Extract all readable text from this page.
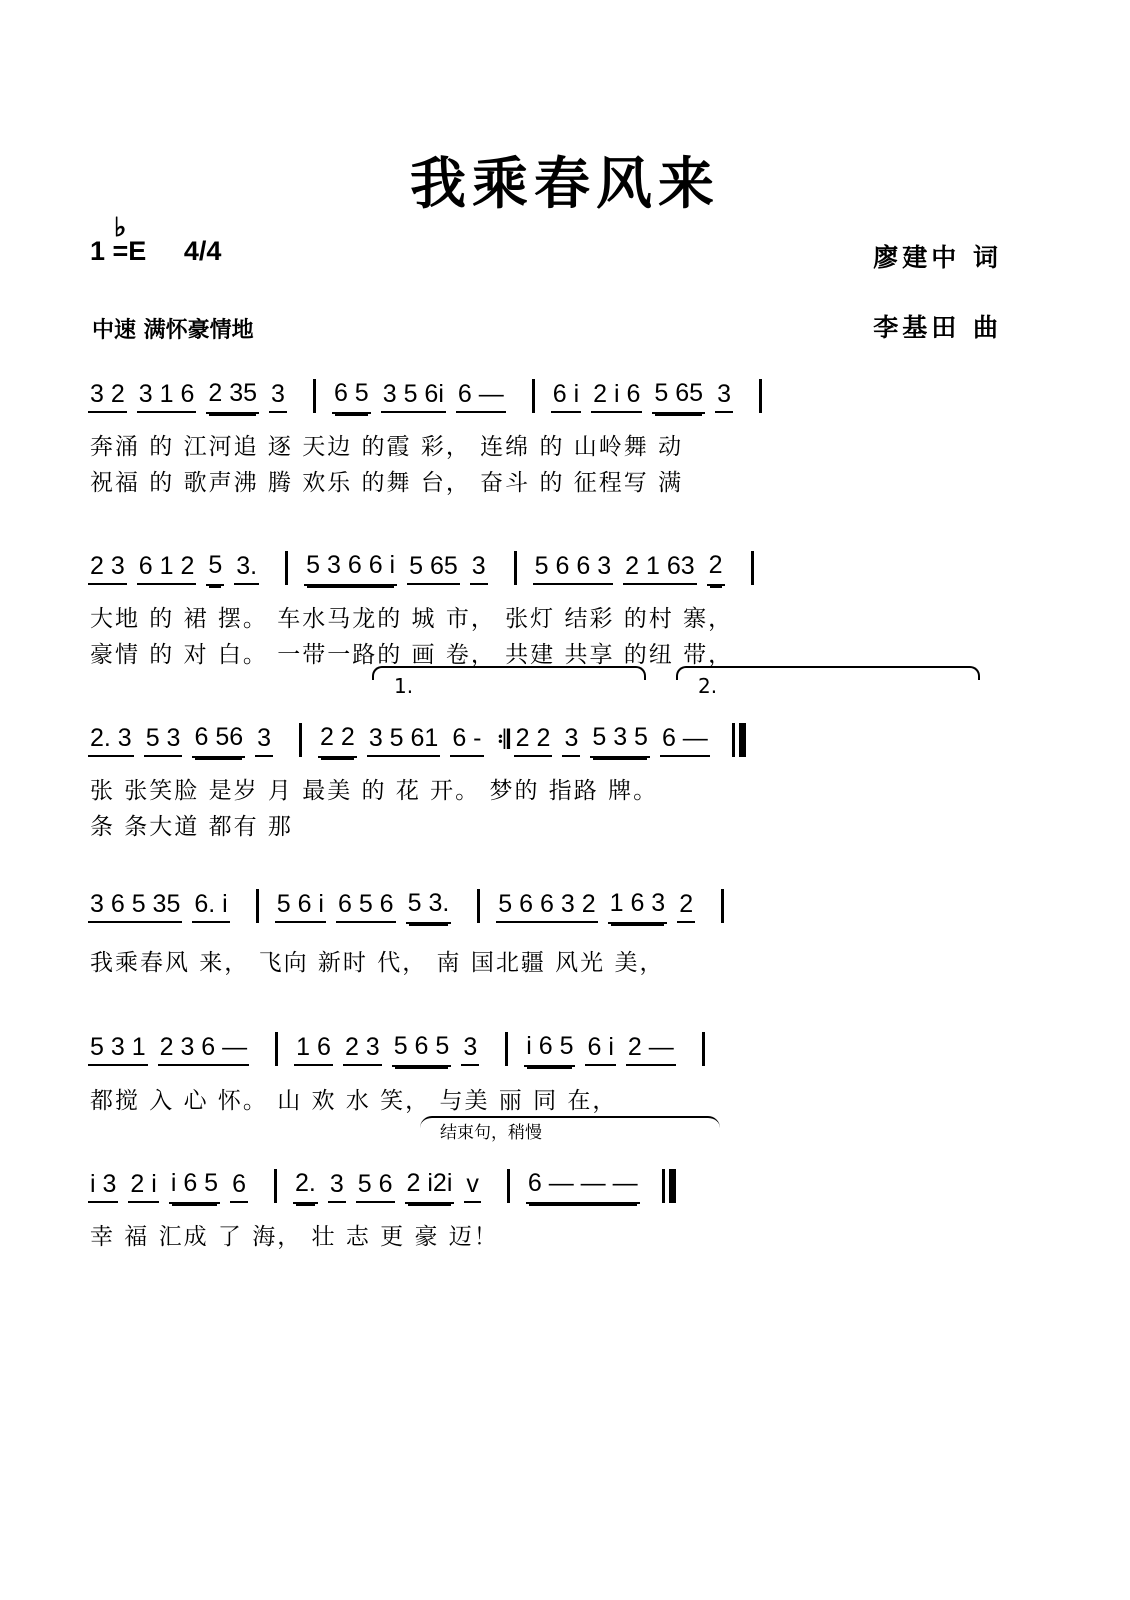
我乘春风来
1 =
♭
E 4/4	廖建中 词
李基田 曲
中速 满怀豪情地
3 2 3 1 6 2 35 3 6 5 3 5 6i 6 — 6 i 2 i 6 5 65 3
奔涌 的 江河追 逐 天边 的霞 彩， 连绵 的 山岭舞 动
祝福 的 歌声沸 腾 欢乐 的舞 台， 奋斗 的 征程写 满
2 3 6 1 2 5 3. 5 3 6 6 i 5 65 3 5 6 6 3 2 1 63 2
大地 的 裙 摆。 车水马龙的 城 市， 张灯 结彩 的村 寨，
豪情 的 对 白。 一带一路的 画 卷， 共建 共享 的纽 带，
2. 3 5 3 6 56 3 2 2 3 5 61 6 - 𝄇 2 2 3 5 3 5 6 —
张 张笑脸 是岁 月 最美 的 花 开。 梦的 指路 牌。
条 条大道 都有 那
3 6 5 35 6. i 5 6 i 6 5 6 5 3. 5 6 6 3 2 1 6 3 2
我乘春风 来， 飞向 新时 代， 南 国北疆 风光 美，
5 3 1 2 3 6 — 1 6 2 3 5 6 5 3 i 6 5 6 i 2 —
都搅 入 心 怀。 山 欢 水 笑， 与美 丽 同 在，
i 3 2 i i 6 5 6 2. 3 5 6 2 i2i v 6 — — —
幸 福 汇成 了 海， 壮 志 更 豪 迈！
1.	2.
结束句，稍慢
